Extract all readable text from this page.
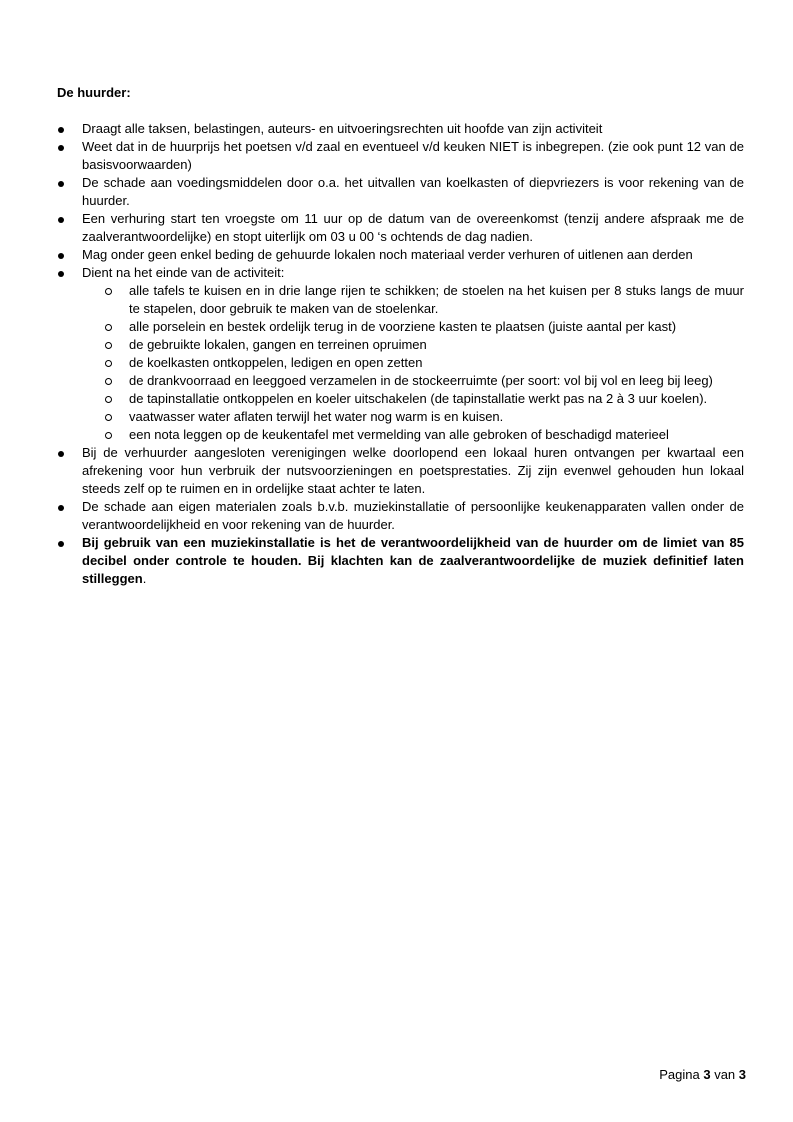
De huurder:
Draagt alle taksen, belastingen, auteurs- en uitvoeringsrechten uit hoofde van zijn activiteit
Weet dat in de huurprijs het poetsen v/d zaal en eventueel v/d keuken NIET is inbegrepen. (zie ook punt 12 van de basisvoorwaarden)
De schade aan voedingsmiddelen door o.a. het uitvallen van koelkasten of diepvriezers is voor rekening van de huurder.
Een verhuring start ten vroegste om 11 uur op de datum van de overeenkomst (tenzij andere afspraak me de zaalverantwoordelijke) en stopt uiterlijk om 03 u 00 ‘s ochtends de dag nadien.
Mag onder geen enkel beding de gehuurde lokalen noch materiaal verder verhuren of uitlenen aan derden
Dient na het einde van de activiteit:
alle tafels te kuisen en in drie lange rijen te schikken; de stoelen na het kuisen per 8 stuks langs de muur te stapelen, door gebruik te maken van de stoelenkar.
alle porselein en bestek ordelijk terug in de voorziene kasten te plaatsen (juiste aantal per kast)
de gebruikte lokalen, gangen en terreinen opruimen
de koelkasten ontkoppelen, ledigen en open zetten
de drankvoorraad en leeggoed verzamelen in de stockeerruimte (per soort: vol bij vol en leeg bij leeg)
de tapinstallatie ontkoppelen en koeler uitschakelen (de tapinstallatie werkt pas na 2 à 3 uur koelen).
vaatwasser water aflaten terwijl het water nog warm is en kuisen.
een nota leggen op de keukentafel met vermelding van alle gebroken of beschadigd materieel
Bij de verhuurder aangesloten verenigingen welke doorlopend een lokaal huren ontvangen per kwartaal een afrekening voor hun verbruik der nutsvoorzieningen en poetsprestaties. Zij zijn evenwel gehouden hun lokaal steeds zelf op te ruimen en in ordelijke staat achter te laten.
De schade aan eigen materialen zoals b.v.b. muziekinstallatie of persoonlijke keukenapparaten vallen onder de verantwoordelijkheid en voor rekening van de huurder.
Bij gebruik van een muziekinstallatie is het de verantwoordelijkheid van de huurder om de limiet van 85 decibel onder controle te houden. Bij klachten kan de zaalverantwoordelijke de muziek definitief laten stilleggen.
Pagina 3 van 3
